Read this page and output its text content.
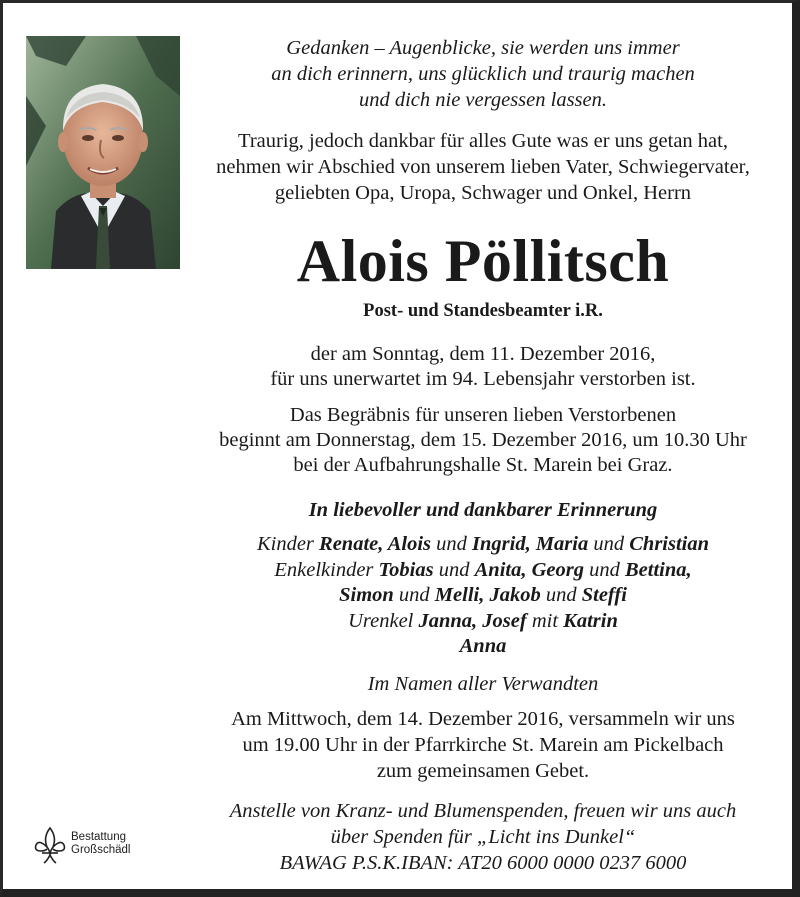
Gedanken – Augenblicke, sie werden uns immer
an dich erinnern, uns glücklich und traurig machen
und dich nie vergessen lassen.
Traurig, jedoch dankbar für alles Gute was er uns getan hat,
nehmen wir Abschied von unserem lieben Vater, Schwiegervater,
geliebten Opa, Uropa, Schwager und Onkel, Herrn
Alois Pöllitsch
Post- und Standesbeamter i.R.
der am Sonntag, dem 11. Dezember 2016,
für uns unerwartet im 94. Lebensjahr verstorben ist.
Das Begräbnis für unseren lieben Verstorbenen
beginnt am Donnerstag, dem 15. Dezember 2016, um 10.30 Uhr
bei der Aufbahrungshalle St. Marein bei Graz.
In liebevoller und dankbarer Erinnerung
Kinder Renate, Alois und Ingrid, Maria und Christian
Enkelkinder Tobias und Anita, Georg und Bettina,
Simon und Melli, Jakob und Steffi
Urenkel Janna, Josef mit Katrin
Anna
Im Namen aller Verwandten
Am Mittwoch, dem 14. Dezember 2016, versammeln wir uns
um 19.00 Uhr in der Pfarrkirche St. Marein am Pickelbach
zum gemeinsamen Gebet.
Anstelle von Kranz- und Blumenspenden, freuen wir uns auch
über Spenden für „Licht ins Dunkel“
BAWAG P.S.K.IBAN: AT20 6000 0000 0237 6000
Bestattung
Großschädl
